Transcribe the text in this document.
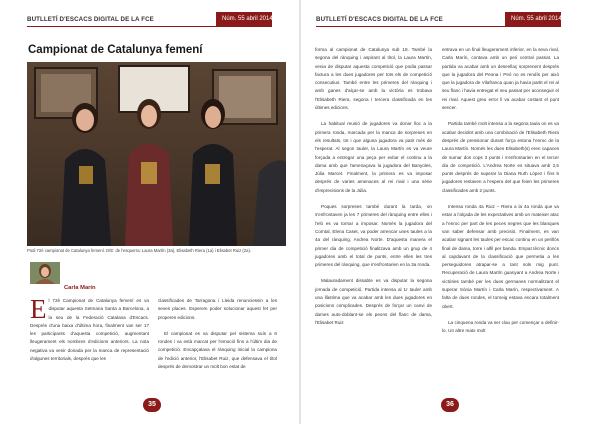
BUTLLETÍ D'ESCACS DIGITAL DE LA FCE	Núm. 55 abril 2014
Campionat de Catalunya femení
Podi 72è campionat de Catalunya femení. D/E: de l'esquerra: Laura Martín (3a), Elisabeth Riera (1a) i Elisabet Ruiz (2a).
Carla Marín

El 72è Campionat de Catalunya femení es va disputar aquesta Setmana Santa a Barcelona, a la seu de la Federació Catalana d'Escacs. Després d'una baixa d'última hora, finalment van ser 17 les participants d'aquesta competició, augmentant lleugerament els nombres d'edicions anteriors. La nota negativa va venir donada per la manca de representació d'algunes territorials, després que les

classificades de Tarragona i Lleida renunciessin a les seves places. Esperem poder solucionar aquest fet per properes edicions.

El campionat es va disputar pel sistema suís a 6 rondes i va està marcat per l'emoció fins a l'últim dia de competició. Encapçalava el rànquing inicial la campiona de l'edició anterior, l'Elisabet Ruiz, que defensava el títol després de demostrar un molt bon estat de

35
BUTLLETÍ D'ESCACS DIGITAL DE LA FCE	Núm. 55 abril 2014

forma al campionat de Catalunya sub 18. També la segona del rànquing i aspirant al títol, la Laura Martín, venia de disputar aquesta competició que podia passar factura a les dues jugadores per tots els de competició consecutius. També entre les primeres del rànquing i amb ganes d'alçar-se amb la victòria es trobava l'Elisabeth Riera, segona i tercera classificada en les últimes edicions.

La habitual reunió de jugadores va donar lloc a la primera ronda, marcada per la manca de sorpreses en els resultats, tot i que alguna jugadora va patir més de l'esperat. Al segon tauler, la Laura Martín es va veure forçada a entregar una peça per evitar el continu a la dama amb que l'amenaçava la jugadora del Banyoles, Júlia Marcet. Finalment, la primera es va imposar després de varies amenaces al rei rival i una sèrie d'imprecisions de la Júlia.

Poques sorpreses també durant la tarda, on s'enfrontaven ja les 7 primeres del rànquing entre elles i l'eló es va tornar a imposar. Només la jugadora del Comtal, Elena Caset, va poder arrencar unes taules a la 4a del rànquing, Andrea Norte. D'aquesta manera el primer dia de competició finalitzava amb un grup de 4 jugadores amb el total de punts, entre elles les tres primeres del rànquing, que s'enfrontarien en la 3a ronda.

Malauradament dissabte es va disputar la segona jornada de competició. Partida intensa al 1r tauler amb una llàstima que va acabar amb les dues jugadores en posicions complicades. Després de forçar un canvi de dames auto-doblant-se els peons del flanc de dama, l'Elisabet Ruiz

entrava en un final lleugerament inferior, en la seva rival, Carla Marín, contava amb un peó central passat. La partida va acabar amb un desenllaç sorprenent després que la jugadora del Peona i Peó no es rendís per això que la jugadora de Vilafranca quan ja havia partit el rei al seu flanc i havia entregat el seu passat per aconseguir el rei rival. Aquest greu error li va acabar costant el punt sencer.

Partida també molt intensa a la segona taula on es va acabar decidint amb una combinació de l'Elisabeth Riera després de pressionar durant força estona l'enroc de la Laura Martín. Només les dues Elisabeth(s) eren capaces de sumar dos cops 3 punts i s'enfrontarien en el tercer dia de competició. L'Andrea Norte es situava amb 2,5 punts després de superar la Diana Ruth López i fins 5 jugadores restaven a l'espera del que feien les primeres classificades amb 2 punts.

Intensa ronda 4a Ruiz – Riera a la 4a ronda que va estar a l'alçada de les expectatives amb un mateixer atac a l'enroc per part de les peces negres que les blanques van saber defensar amb precisió. Finalment, es van acabar signant les taules per escac continu en un perillós final de dama, torre i alfil per banda. Empat tècnic doncs al capdavant de la classificació que permetia a les perseguidores atrapar-se a tant sols mig punt. Recuperació de Laura Martín guanyant a Andrea Norte i victòries també per les dues germanes normalitzant el superar Sònia Martín i Carla Marín, respectivament. A falta de dues rondes, el torneig estava encara totalment obert.

La cinquena ronda va ser clau per començar a definir-lo. Un altre matx molt

36
